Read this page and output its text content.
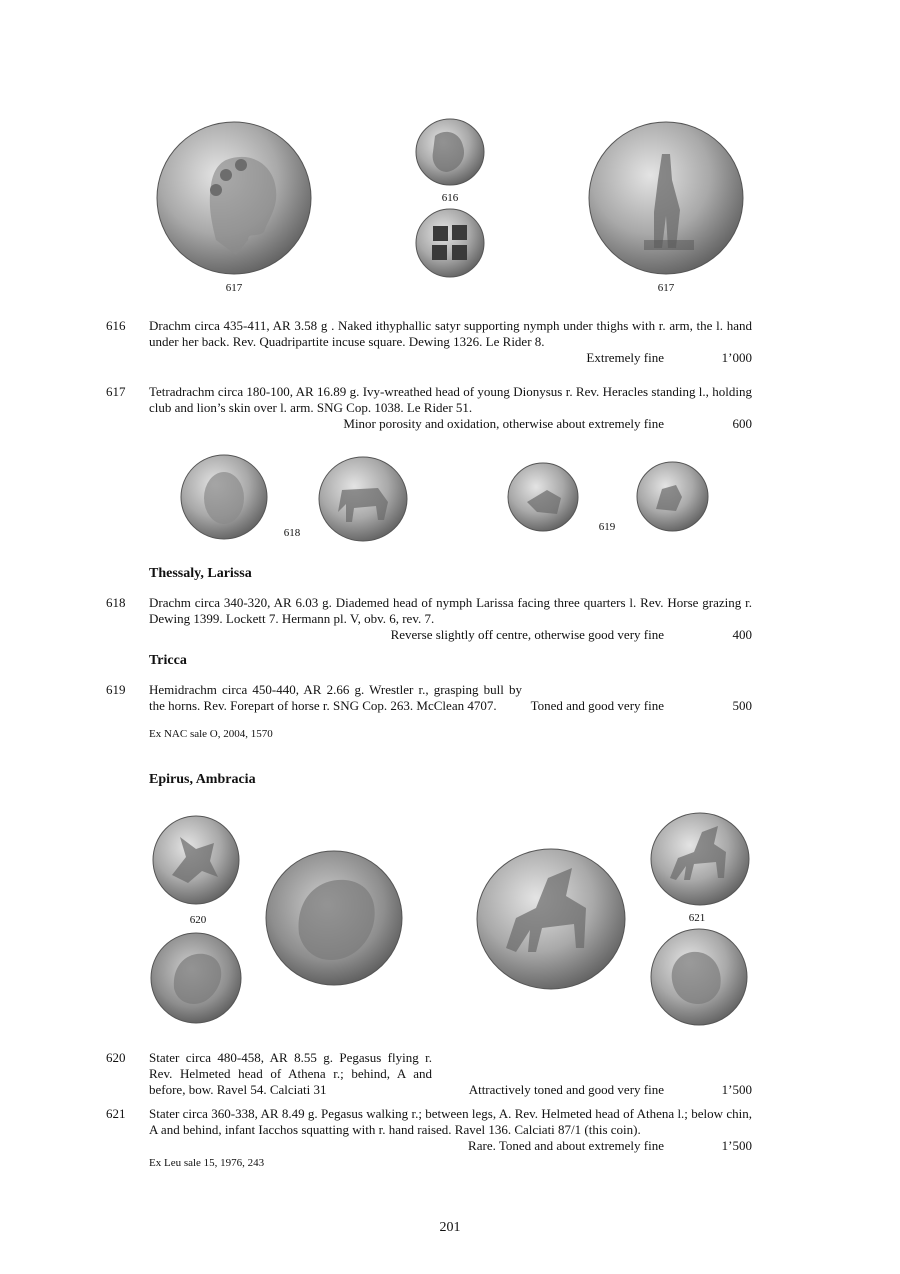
617
616
617
616 Drachm circa 435-411, AR 3.58 g . Naked ithyphallic satyr supporting nymph under thighs with r. arm, the l. hand under her back. Rev. Quadripartite incuse square. Dewing 1326. Le Rider 8.
Extremely fine	1’000
617 Tetradrachm circa 180-100, AR 16.89 g. Ivy-wreathed head of young Dionysus r. Rev. Heracles standing l., holding club and lion’s skin over l. arm. SNG Cop. 1038. Le Rider 51.
Minor porosity and oxidation, otherwise about extremely fine	600
618	619
Thessaly, Larissa
618 Drachm circa 340-320, AR 6.03 g. Diademed head of nymph Larissa facing three quarters l. Rev. Horse grazing r. Dewing 1399. Lockett 7. Hermann pl. V, obv. 6, rev. 7.
Reverse slightly off centre, otherwise good very fine	400
Tricca
619 Hemidrachm circa 450-440, AR 2.66 g. Wrestler r., grasping bull by the horns. Rev. Forepart of horse r. SNG Cop. 263. McClean 4707.	Toned and good very fine	500
Ex NAC sale O, 2004, 1570
Epirus, Ambracia
620	621
620 Stater circa 480-458, AR 8.55 g. Pegasus flying r. Rev. Helmeted head of Athena r.; behind, A and before, bow. Ravel 54. Calciati 31	Attractively toned and good very fine	1’500
621 Stater circa 360-338, AR 8.49 g. Pegasus walking r.; between legs, A. Rev. Helmeted head of Athena l.; below chin, A and behind, infant Iacchos squatting with r. hand raised. Ravel 136. Calciati 87/1 (this coin).
Rare. Toned and about extremely fine	1’500
Ex Leu sale 15, 1976, 243
201
